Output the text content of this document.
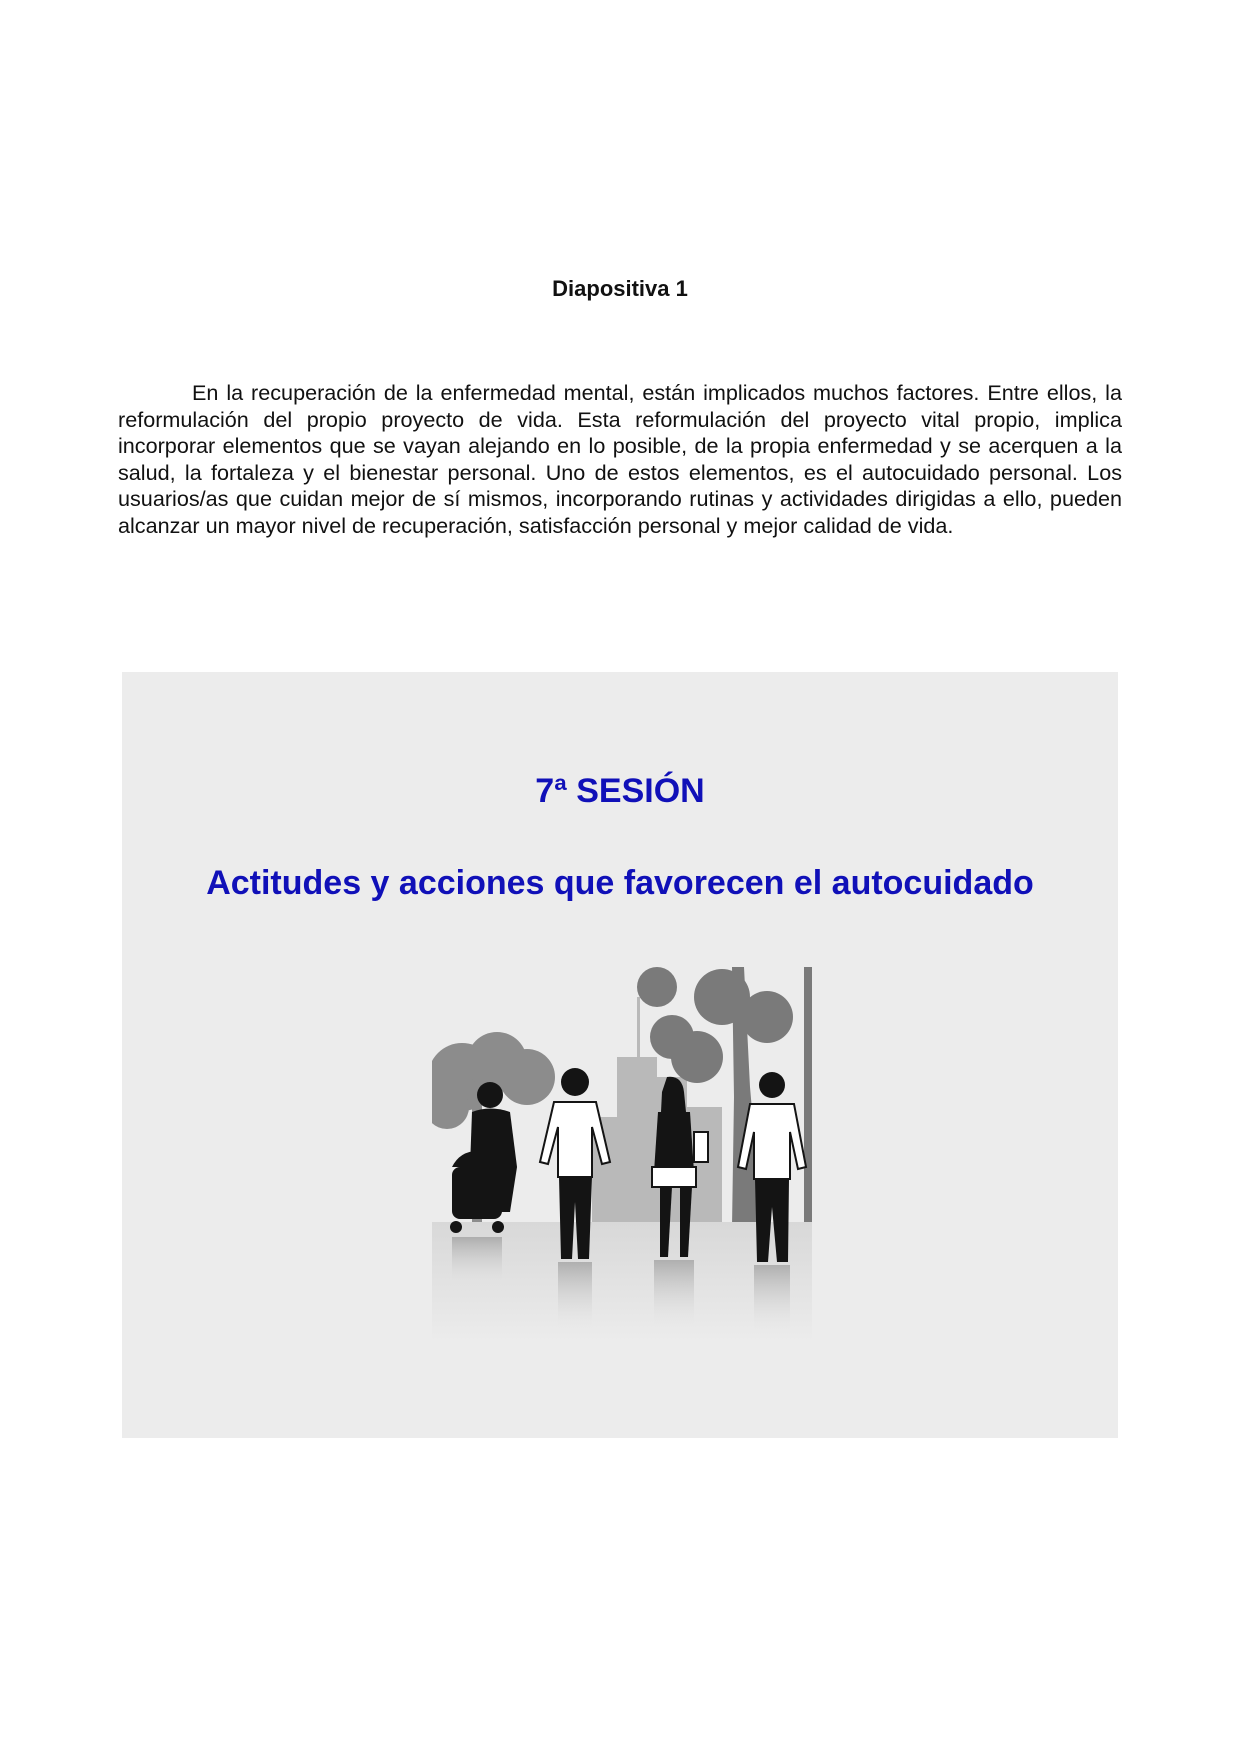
Diapositiva 1

En la recuperación de la enfermedad mental, están implicados muchos factores. Entre ellos, la reformulación del propio proyecto de vida. Esta reformulación del proyecto vital propio, implica incorporar elementos que se vayan alejando en lo posible, de la propia enfermedad y se acerquen a la salud, la fortaleza y el bienestar personal. Uno de estos elementos, es el autocuidado personal. Los usuarios/as que cuidan mejor de sí mismos, incorporando rutinas y actividades dirigidas a ello, pueden alcanzar un mayor nivel de recuperación, satisfacción personal y mejor calidad de vida.

7ª SESIÓN
Actitudes y acciones que favorecen el autocuidado
